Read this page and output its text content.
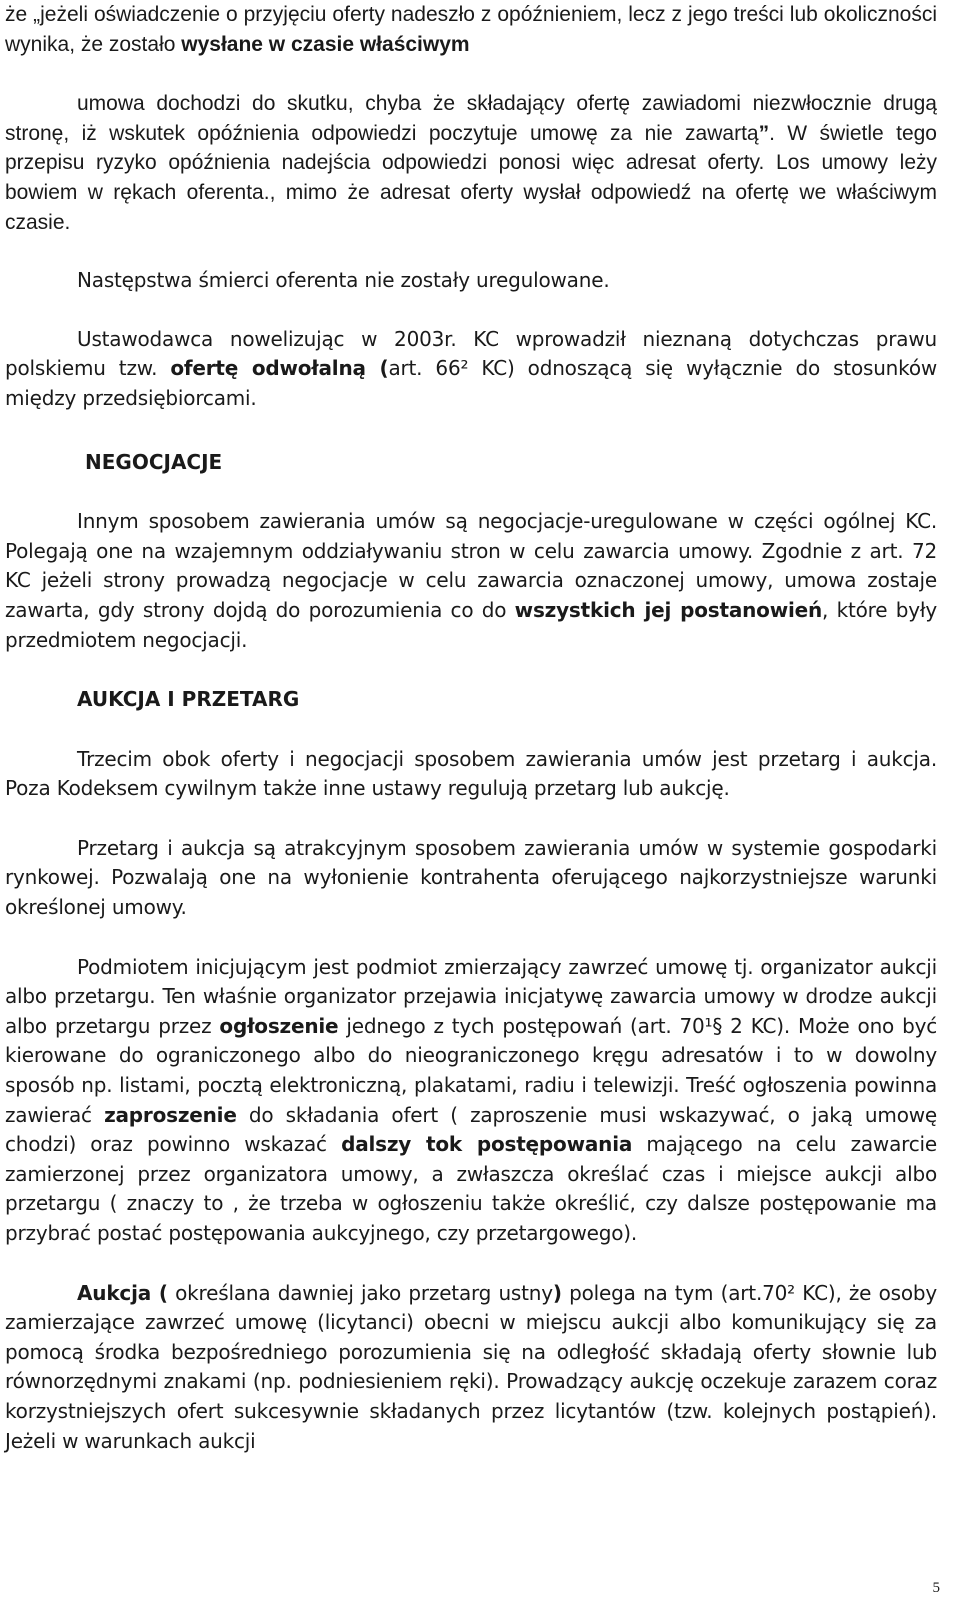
że „jeżeli oświadczenie o przyjęciu oferty nadeszło z opóźnieniem, lecz z jego treści lub okoliczności wynika, że zostało wysłane w czasie właściwym

umowa dochodzi do skutku, chyba że składający ofertę zawiadomi niezwłocznie drugą stronę, iż wskutek opóźnienia odpowiedzi poczytuje umowę za nie zawartą”. W świetle tego przepisu ryzyko opóźnienia nadejścia odpowiedzi ponosi więc adresat oferty. Los umowy leży bowiem w rękach oferenta., mimo że adresat oferty wysłał odpowiedź na ofertę we właściwym czasie.

Następstwa śmierci oferenta nie zostały uregulowane.

Ustawodawca nowelizując w 2003r. KC wprowadził nieznaną dotychczas prawu polskiemu tzw. ofertę odwołalną (art. 66² KC) odnoszącą się wyłącznie do stosunków między przedsiębiorcami.

NEGOCJACJE

Innym sposobem zawierania umów są negocjacje-uregulowane w części ogólnej KC. Polegają one na wzajemnym oddziaływaniu stron w celu zawarcia umowy. Zgodnie z art. 72 KC jeżeli strony prowadzą negocjacje w celu zawarcia oznaczonej umowy, umowa zostaje zawarta, gdy strony dojdą do porozumienia co do wszystkich jej postanowień, które były przedmiotem negocjacji.

AUKCJA I PRZETARG

Trzecim obok oferty i negocjacji sposobem zawierania umów jest przetarg i aukcja. Poza Kodeksem cywilnym także inne ustawy regulują przetarg lub aukcję.

Przetarg i aukcja są atrakcyjnym sposobem zawierania umów w systemie gospodarki rynkowej. Pozwalają one na wyłonienie kontrahenta oferującego najkorzystniejsze warunki określonej umowy.

Podmiotem inicjującym jest podmiot zmierzający zawrzeć umowę tj. organizator aukcji albo przetargu. Ten właśnie organizator przejawia inicjatywę zawarcia umowy w drodze aukcji albo przetargu przez ogłoszenie jednego z tych postępowań (art. 70¹§ 2 KC). Może ono być kierowane do ograniczonego albo do nieograniczonego kręgu adresatów i to w dowolny sposób np. listami, pocztą elektroniczną, plakatami, radiu i telewizji. Treść ogłoszenia powinna zawierać zaproszenie do składania ofert ( zaproszenie musi wskazywać, o jaką umowę chodzi) oraz powinno wskazać dalszy tok postępowania mającego na celu zawarcie zamierzonej przez organizatora umowy, a zwłaszcza określać czas i miejsce aukcji albo przetargu ( znaczy to , że trzeba w ogłoszeniu także określić, czy dalsze postępowanie ma przybrać postać postępowania aukcyjnego, czy przetargowego).

Aukcja ( określana dawniej jako przetarg ustny) polega na tym (art.70² KC), że osoby zamierzające zawrzeć umowę (licytanci) obecni w miejscu aukcji albo komunikujący się za pomocą środka bezpośredniego porozumienia się na odległość składają oferty słownie lub równorzędnymi znakami (np. podniesieniem ręki). Prowadzący aukcję oczekuje zarazem coraz korzystniejszych ofert sukcesywnie składanych przez licytantów (tzw. kolejnych postąpień). Jeżeli w warunkach aukcji

5
